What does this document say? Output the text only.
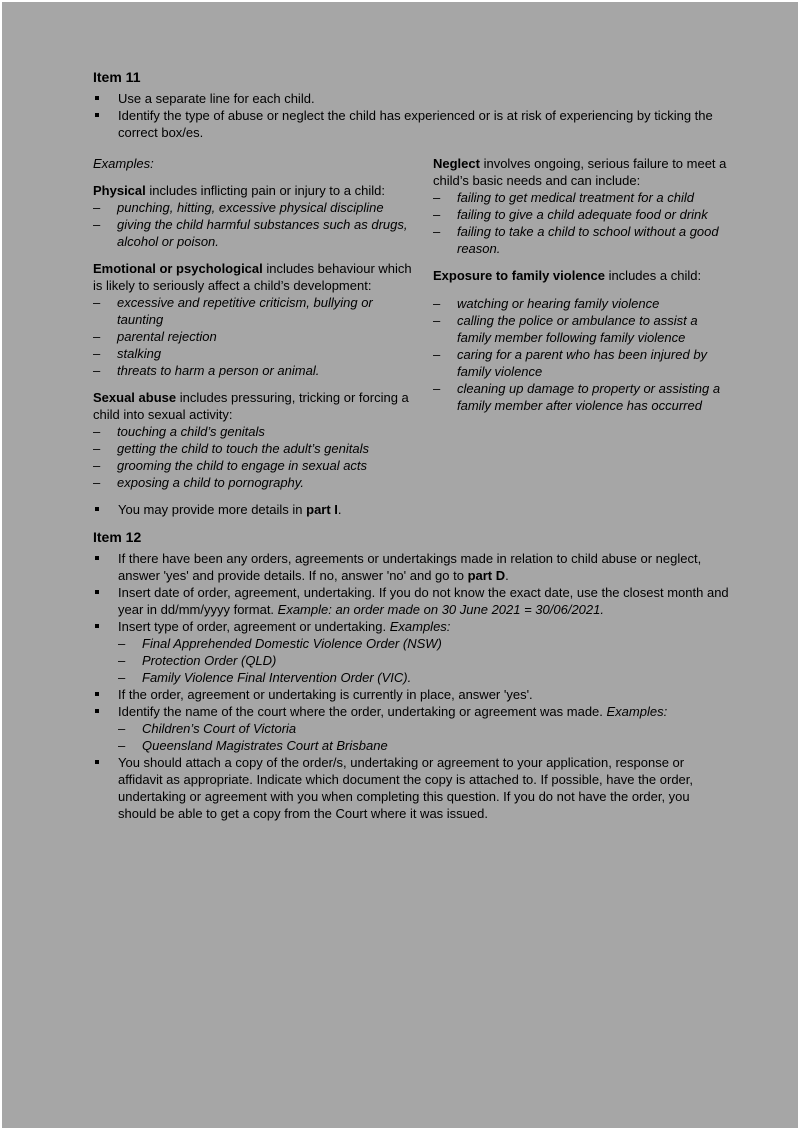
Item 11
Use a separate line for each child.
Identify the type of abuse or neglect the child has experienced or is at risk of experiencing by ticking the correct box/es.

Examples:

Physical includes inflicting pain or injury to a child:

– punching, hitting, excessive physical discipline
– giving the child harmful substances such as drugs, alcohol or poison.

Emotional or psychological includes behaviour which is likely to seriously affect a child’s development:

– excessive and repetitive criticism, bullying or taunting
– parental rejection
– stalking
– threats to harm a person or animal.

Sexual abuse includes pressuring, tricking or forcing a child into sexual activity:

– touching a child’s genitals
– getting the child to touch the adult’s genitals
– grooming the child to engage in sexual acts
– exposing a child to pornography.

Neglect involves ongoing, serious failure to meet a child’s basic needs and can include:

– failing to get medical treatment for a child
– failing to give a child adequate food or drink
– failing to take a child to school without a good reason.

Exposure to family violence includes a child:

– watching or hearing family violence
– calling the police or ambulance to assist a family member following family violence
– caring for a parent who has been injured by family violence
– cleaning up damage to property or assisting a family member after violence has occurred
You may provide more details in part I.
Item 12
If there have been any orders, agreements or undertakings made in relation to child abuse or neglect, answer 'yes' and provide details. If no, answer 'no' and go to part D.
Insert date of order, agreement, undertaking. If you do not know the exact date, use the closest month and year in dd/mm/yyyy format. Example: an order made on 30 June 2021 = 30/06/2021.
Insert type of order, agreement or undertaking. Examples:
– Final Apprehended Domestic Violence Order (NSW)
– Protection Order (QLD)
– Family Violence Final Intervention Order (VIC).
If the order, agreement or undertaking is currently in place, answer 'yes'.
Identify the name of the court where the order, undertaking or agreement was made. Examples:
– Children’s Court of Victoria
– Queensland Magistrates Court at Brisbane
You should attach a copy of the order/s, undertaking or agreement to your application, response or affidavit as appropriate. Indicate which document the copy is attached to. If possible, have the order, undertaking or agreement with you when completing this question. If you do not have the order, you should be able to get a copy from the Court where it was issued.
